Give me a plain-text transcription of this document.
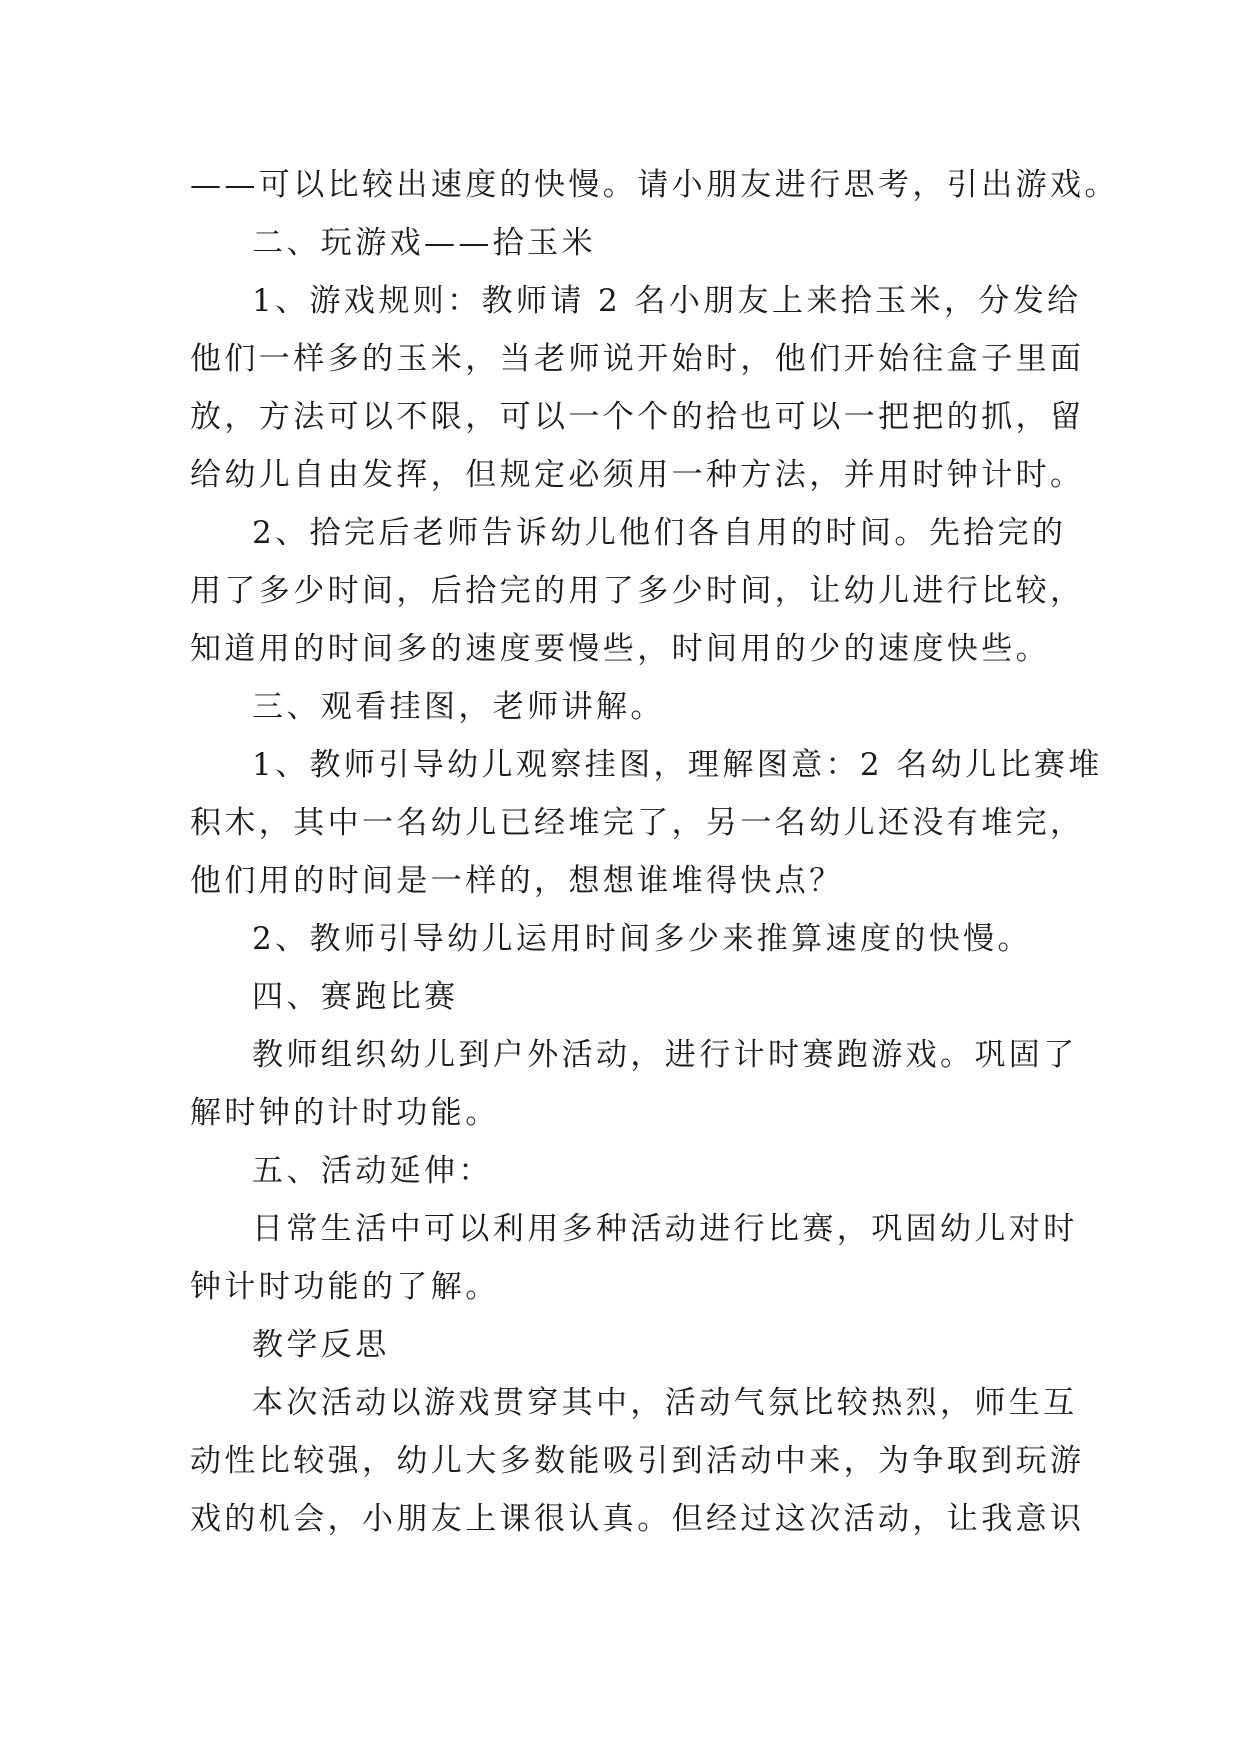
——可以比较出速度的快慢。请小朋友进行思考，引出游戏。
二、玩游戏——拾玉米
1、游戏规则：教师请 2 名小朋友上来拾玉米，分发给
他们一样多的玉米，当老师说开始时，他们开始往盒子里面
放，方法可以不限，可以一个个的拾也可以一把把的抓，留
给幼儿自由发挥，但规定必须用一种方法，并用时钟计时。
2、拾完后老师告诉幼儿他们各自用的时间。先拾完的
用了多少时间，后拾完的用了多少时间，让幼儿进行比较，
知道用的时间多的速度要慢些，时间用的少的速度快些。
三、观看挂图，老师讲解。
1、教师引导幼儿观察挂图，理解图意：2 名幼儿比赛堆
积木，其中一名幼儿已经堆完了，另一名幼儿还没有堆完，
他们用的时间是一样的，想想谁堆得快点？
2、教师引导幼儿运用时间多少来推算速度的快慢。
四、赛跑比赛
教师组织幼儿到户外活动，进行计时赛跑游戏。巩固了
解时钟的计时功能。
五、活动延伸：
日常生活中可以利用多种活动进行比赛，巩固幼儿对时
钟计时功能的了解。
教学反思
本次活动以游戏贯穿其中，活动气氛比较热烈，师生互
动性比较强，幼儿大多数能吸引到活动中来，为争取到玩游
戏的机会，小朋友上课很认真。但经过这次活动，让我意识
